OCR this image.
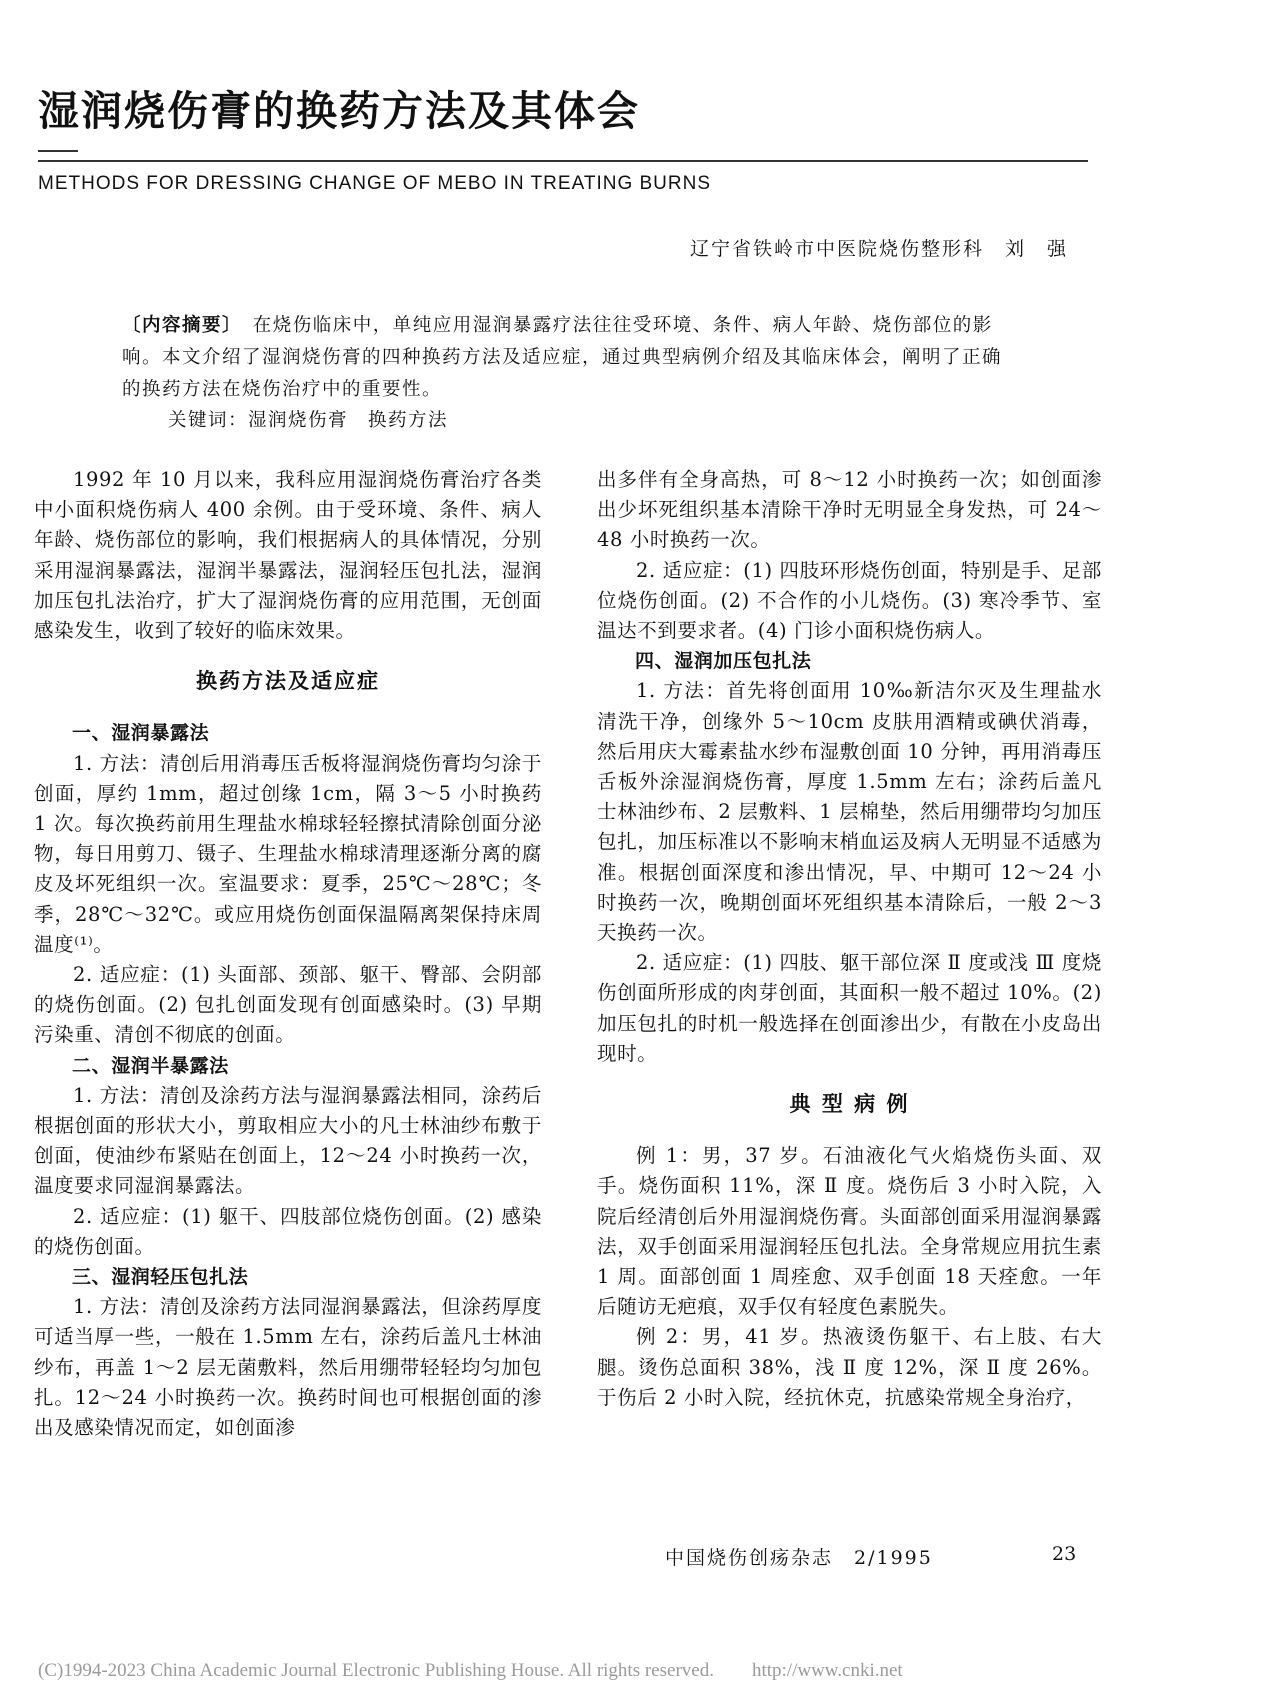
湿润烧伤膏的换药方法及其体会
METHODS FOR DRESSING CHANGE OF MEBO IN TREATING BURNS
辽宁省铁岭市中医院烧伤整形科　刘　强
〔内容摘要〕　在烧伤临床中，单纯应用湿润暴露疗法往往受环境、条件、病人年龄、烧伤部位的影响。本文介绍了湿润烧伤膏的四种换药方法及适应症，通过典型病例介绍及其临床体会，阐明了正确的换药方法在烧伤治疗中的重要性。
关键词：湿润烧伤膏　换药方法

1992 年 10 月以来，我科应用湿润烧伤膏治疗各类中小面积烧伤病人 400 余例。由于受环境、条件、病人年龄、烧伤部位的影响，我们根据病人的具体情况，分别采用湿润暴露法，湿润半暴露法，湿润轻压包扎法，湿润加压包扎法治疗，扩大了湿润烧伤膏的应用范围，无创面感染发生，收到了较好的临床效果。

换药方法及适应症
一、湿润暴露法

1. 方法：清创后用消毒压舌板将湿润烧伤膏均匀涂于创面，厚约 1mm，超过创缘 1cm，隔 3～5 小时换药 1 次。每次换药前用生理盐水棉球轻轻擦拭清除创面分泌物，每日用剪刀、镊子、生理盐水棉球清理逐渐分离的腐皮及坏死组织一次。室温要求：夏季，25℃～28℃；冬季，28℃～32℃。或应用烧伤创面保温隔离架保持床周温度⁽¹⁾。

2. 适应症：(1) 头面部、颈部、躯干、臀部、会阴部的烧伤创面。(2) 包扎创面发现有创面感染时。(3) 早期污染重、清创不彻底的创面。

二、湿润半暴露法

1. 方法：清创及涂药方法与湿润暴露法相同，涂药后根据创面的形状大小，剪取相应大小的凡士林油纱布敷于创面，使油纱布紧贴在创面上，12～24 小时换药一次，温度要求同湿润暴露法。

2. 适应症：(1) 躯干、四肢部位烧伤创面。(2) 感染的烧伤创面。

三、湿润轻压包扎法

1. 方法：清创及涂药方法同湿润暴露法，但涂药厚度可适当厚一些，一般在 1.5mm 左右，涂药后盖凡士林油纱布，再盖 1～2 层无菌敷料，然后用绷带轻轻均匀加包扎。12～24 小时换药一次。换药时间也可根据创面的渗出及感染情况而定，如创面渗

出多伴有全身高热，可 8～12 小时换药一次；如创面渗出少坏死组织基本清除干净时无明显全身发热，可 24～48 小时换药一次。

2. 适应症：(1) 四肢环形烧伤创面，特别是手、足部位烧伤创面。(2) 不合作的小儿烧伤。(3) 寒冷季节、室温达不到要求者。(4) 门诊小面积烧伤病人。

四、湿润加压包扎法

1. 方法：首先将创面用 10‰新洁尔灭及生理盐水清洗干净，创缘外 5～10cm 皮肤用酒精或碘伏消毒，然后用庆大霉素盐水纱布湿敷创面 10 分钟，再用消毒压舌板外涂湿润烧伤膏，厚度 1.5mm 左右；涂药后盖凡士林油纱布、2 层敷料、1 层棉垫，然后用绷带均匀加压包扎，加压标准以不影响末梢血运及病人无明显不适感为准。根据创面深度和渗出情况，早、中期可 12～24 小时换药一次，晚期创面坏死组织基本清除后，一般 2～3 天换药一次。

2. 适应症：(1) 四肢、躯干部位深 Ⅱ 度或浅 Ⅲ 度烧伤创面所形成的肉芽创面，其面积一般不超过 10%。(2) 加压包扎的时机一般选择在创面渗出少，有散在小皮岛出现时。

典 型 病 例

例 1：男，37 岁。石油液化气火焰烧伤头面、双手。烧伤面积 11%，深 Ⅱ 度。烧伤后 3 小时入院，入院后经清创后外用湿润烧伤膏。头面部创面采用湿润暴露法，双手创面采用湿润轻压包扎法。全身常规应用抗生素 1 周。面部创面 1 周痊愈、双手创面 18 天痊愈。一年后随访无疤痕，双手仅有轻度色素脱失。

例 2：男，41 岁。热液烫伤躯干、右上肢、右大腿。烫伤总面积 38%，浅 Ⅱ 度 12%，深 Ⅱ 度 26%。于伤后 2 小时入院，经抗休克，抗感染常规全身治疗，

中国烧伤创疡杂志　2/1995	23
(C)1994-2023 China Academic Journal Electronic Publishing House. All rights reserved.　　http://www.cnki.net
